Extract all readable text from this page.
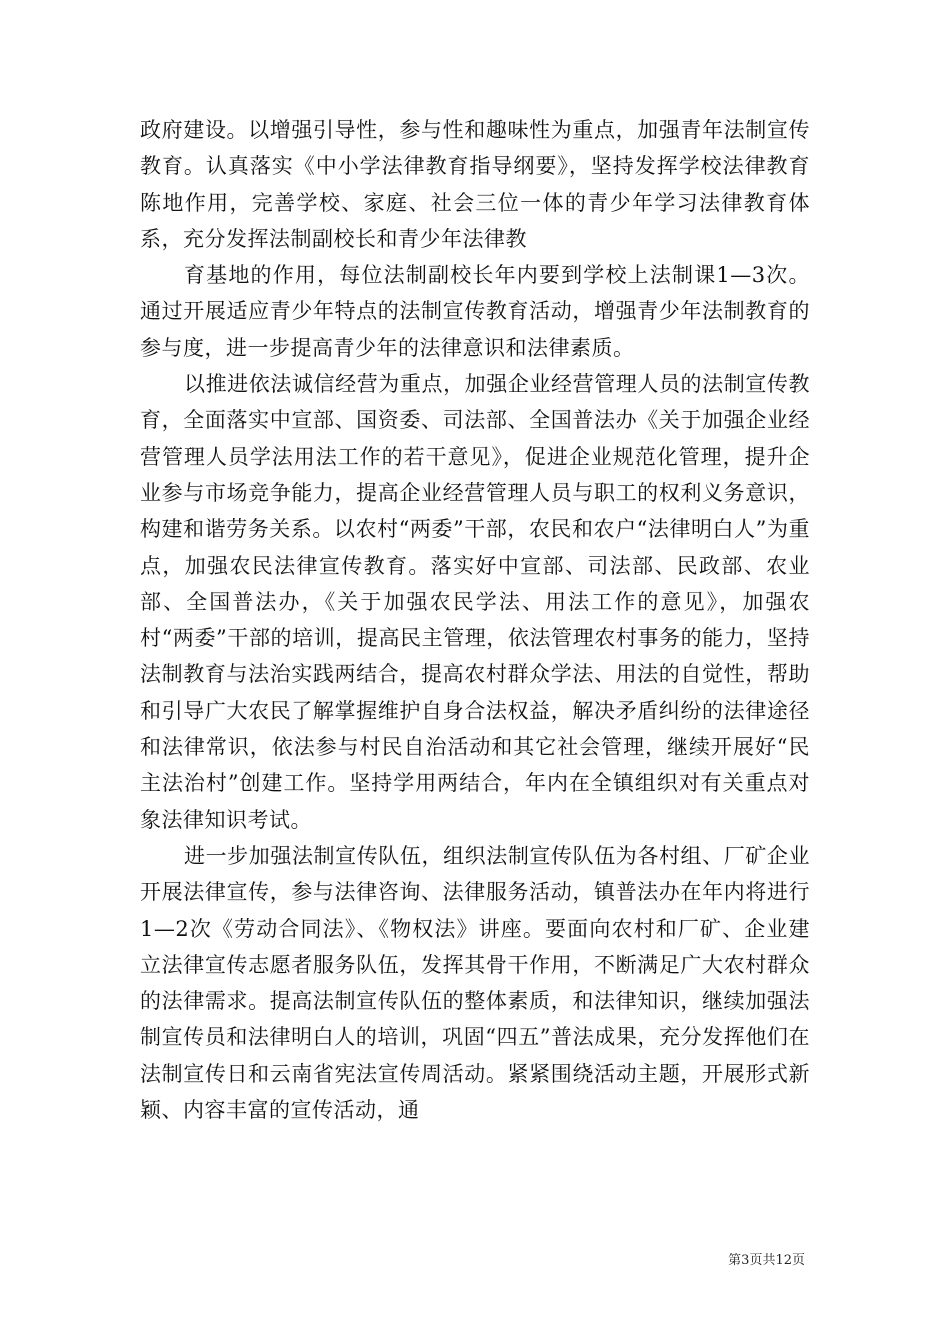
政府建设。以增强引导性，参与性和趣味性为重点，加强青年法制宣传教育。认真落实《中小学法律教育指导纲要》，坚持发挥学校法律教育陈地作用，完善学校、家庭、社会三位一体的青少年学习法律教育体系，充分发挥法制副校长和青少年法律教

育基地的作用，每位法制副校长年内要到学校上法制课1—3次。通过开展适应青少年特点的法制宣传教育活动，增强青少年法制教育的参与度，进一步提高青少年的法律意识和法律素质。

以推进依法诚信经营为重点，加强企业经营管理人员的法制宣传教育，全面落实中宣部、国资委、司法部、全国普法办《关于加强企业经营管理人员学法用法工作的若干意见》，促进企业规范化管理，提升企业参与市场竞争能力，提高企业经营管理人员与职工的权利义务意识，构建和谐劳务关系。以农村“两委”干部，农民和农户“法律明白人”为重点，加强农民法律宣传教育。落实好中宣部、司法部、民政部、农业部、全国普法办，《关于加强农民学法、用法工作的意见》，加强农村“两委”干部的培训，提高民主管理，依法管理农村事务的能力，坚持法制教育与法治实践两结合，提高农村群众学法、用法的自觉性，帮助和引导广大农民了解掌握维护自身合法权益，解决矛盾纠纷的法律途径和法律常识，依法参与村民自治活动和其它社会管理，继续开展好“民主法治村”创建工作。坚持学用两结合，年内在全镇组织对有关重点对象法律知识考试。

进一步加强法制宣传队伍，组织法制宣传队伍为各村组、厂矿企业开展法律宣传，参与法律咨询、法律服务活动，镇普法办在年内将进行1—2次《劳动合同法》、《物权法》讲座。要面向农村和厂矿、企业建立法律宣传志愿者服务队伍，发挥其骨干作用，不断满足广大农村群众的法律需求。提高法制宣传队伍的整体素质，和法律知识，继续加强法制宣传员和法律明白人的培训，巩固“四五”普法成果，充分发挥他们在法制宣传日和云南省宪法宣传周活动。紧紧围绕活动主题，开展形式新颖、内容丰富的宣传活动，通

第3页共12页
